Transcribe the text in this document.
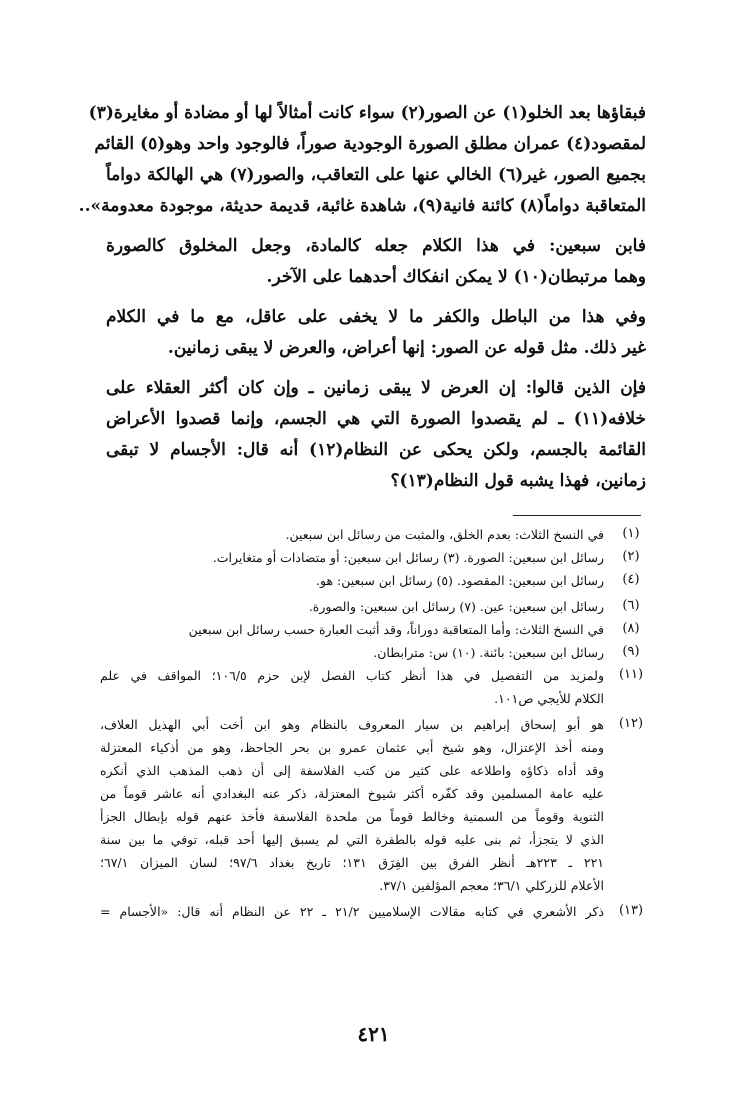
فبقاؤها بعد الخلو(١) عن الصور(٢) سواء كانت أمثالاً لها أو مضادة أو مغايرة(٣)
لمقصود(٤) عمران مطلق الصورة الوجودية صوراً، فالوجود واحد وهو(٥) القائم
بجميع الصور، غير(٦) الخالي عنها على التعاقب، والصور(٧) هي الهالكة دواماً
المتعاقبة دواماً(٨) كائنة فانية(٩)، شاهدة غائبة، قديمة حديثة، موجودة معدومة»..

فابن سبعين: في هذا الكلام جعله كالمادة، وجعل المخلوق كالصورة
وهما مرتبطان(١٠) لا يمكن انفكاك أحدهما على الآخر.

وفي هذا من الباطل والكفر ما لا يخفى على عاقل، مع ما في الكلام
غير ذلك. مثل قوله عن الصور: إنها أعراض، والعرض لا يبقى زمانين.

فإن الذين قالوا: إن العرض لا يبقى زمانين ـ وإن كان أكثر العقلاء على
خلافه(١١) ـ لم يقصدوا الصورة التي هي الجسم، وإنما قصدوا الأعراض
القائمة بالجسم، ولكن يحكى عن النظام(١٢) أنه قال: الأجسام لا تبقى
زمانين، فهذا يشبه قول النظام(١٣)؟

(١)
في النسخ الثلاث: بعدم الخلق، والمثبت من رسائل ابن سبعين.
(٢)
رسائل ابن سبعين: الصورة. (٣) رسائل ابن سبعين: أو متضادات أو متغايرات.
(٤)
رسائل ابن سبعين: المقصود. (٥) رسائل ابن سبعين: هو.
(٦)
رسائل ابن سبعين: عين. (٧) رسائل ابن سبعين: والصورة.
(٨)
في النسخ الثلاث: وأما المتعاقبة دوراناً، وقد أثبت العبارة حسب رسائل ابن سبعين
(٩)
رسائل ابن سبعين: بائنة. (١٠) س: مترابطان.
(١١)
ولمزيد من التفصيل في هذا أنظر كتاب الفصل لإبن حزم ١٠٦/٥؛ المواقف في علم
الكلام للأيجي ص١٠١.
(١٢)
هو أبو إسحاق إبراهيم بن سيار المعروف بالنظام وهو ابن أخت أبي الهذيل العلاف،
ومنه أخذ الإعتزال، وهو شيخ أبي عثمان عمرو بن بحر الجاحظ، وهو من أذكياء المعتزلة
وقد أداه ذكاؤه واطلاعه على كثير من كتب الفلاسفة إلى أن ذهب المذهب الذي أنكره
عليه عامة المسلمين وقد كفّره أكثر شيوخ المعتزلة، ذكر عنه البغدادي أنه عاشر قوماً من
الثنوية وقوماً من السمنية وخالط قوماً من ملحدة الفلاسفة فأخذ عنهم قوله بإبطال الجزأ
الذي لا يتجزأ، ثم بنى عليه قوله بالطفرة التي لم يسبق إليها أحد قبله، توفي ما بين سنة
٢٢١ ـ ٢٢٣هـ أنظر الفرق بين الفِرَق ١٣١؛ تاريخ بغداد ٩٧/٦؛ لسان الميزان ٦٧/١؛
الأعلام للزركلي ٣٦/١؛ معجم المؤلفين ٣٧/١.
(١٣)
ذكر الأشعري في كتابه مقالات الإسلاميين ٢١/٢ ـ ٢٢ عن النظام أنه قال: «الأجسام =
٤٢١
